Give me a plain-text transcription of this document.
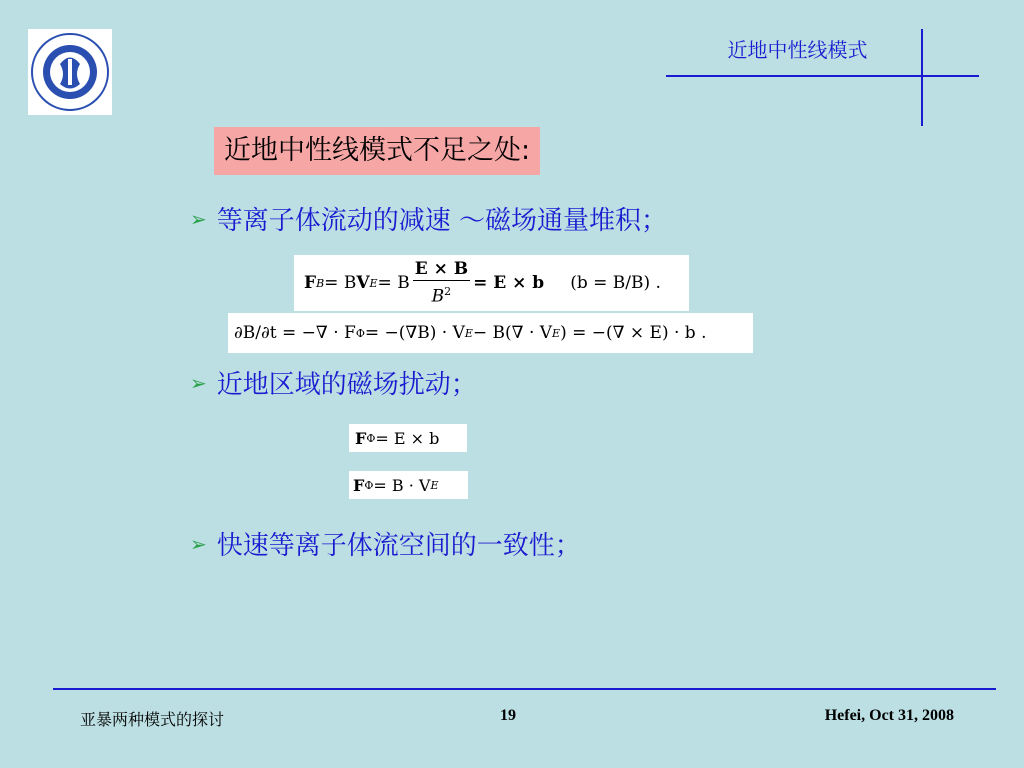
近地中性线模式
近地中性线模式不足之处:
➢ 等离子体流动的减速 ～磁场通量堆积；
F B = B V E = B $\frac{E \times B}{B^2} = E \times b$ (b = B/B) .
∂B/∂t = −∇ · F Φ = −(∇B) · V E − B(∇ · V E ) = −(∇ × E) · b .
➢ 近地区域的磁场扰动；
F Φ = E × b
F Φ = B · V E
➢ 快速等离子体流空间的一致性；
亚暴两种模式的探讨	19	Hefei, Oct 31, 2008
